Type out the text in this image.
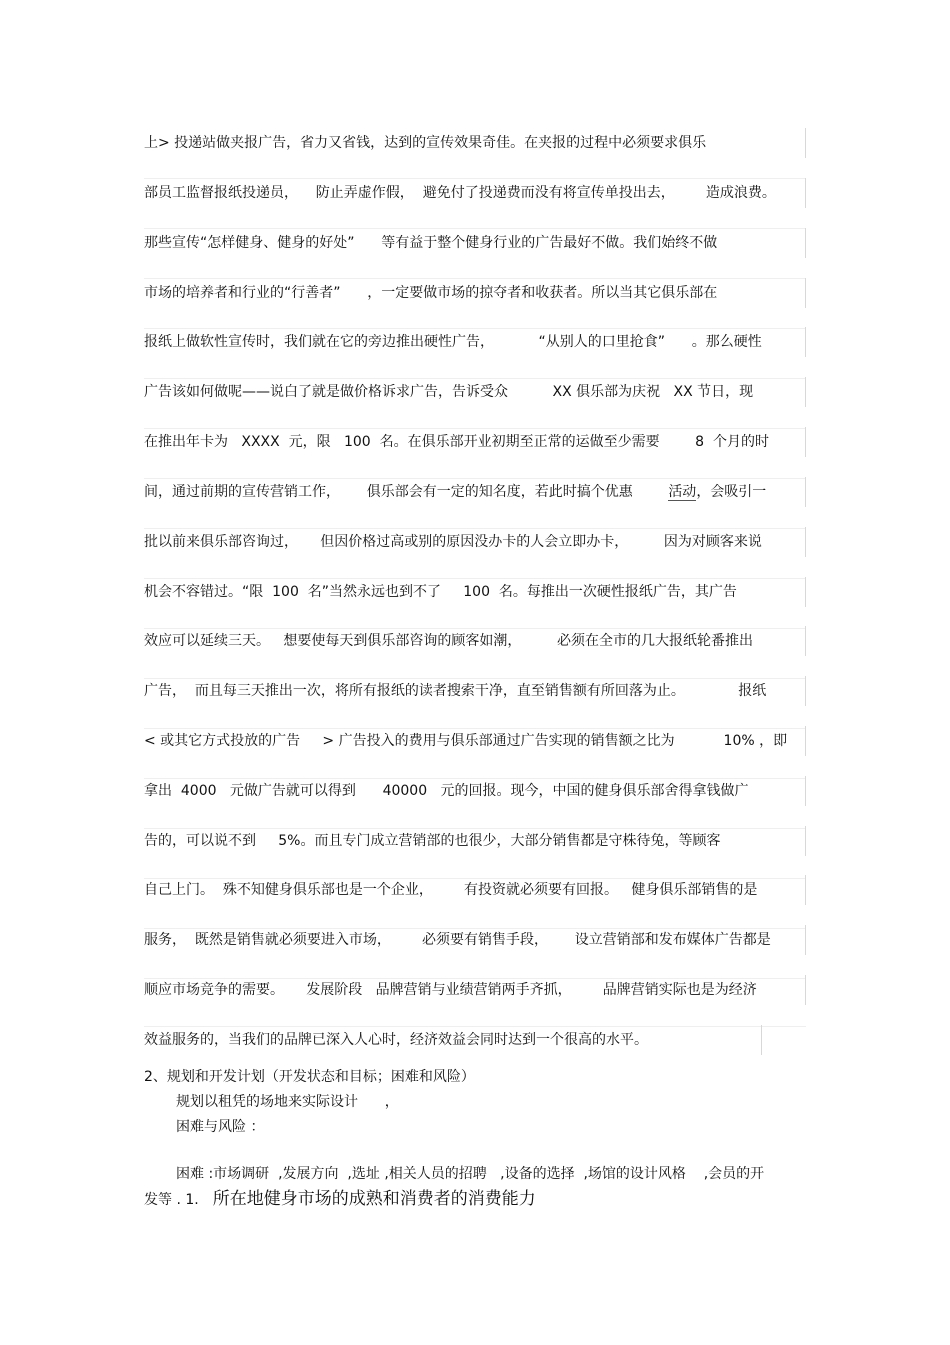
上> 投递站做夹报广告，省力又省钱，达到的宣传效果奇佳。在夹报的过程中必须要求俱乐
部员工监督报纸投递员，    防止弄虚作假，  避免付了投递费而没有将宣传单投出去，       造成浪费。
那些宣传“怎样健身、健身的好处”      等有益于整个健身行业的广告最好不做。我们始终不做
市场的培养者和行业的“行善者”      ，一定要做市场的掠夺者和收获者。所以当其它俱乐部在
报纸上做软性宣传时，我们就在它的旁边推出硬性广告，          “从别人的口里抢食”      。那么硬性
广告该如何做呢——说白了就是做价格诉求广告，告诉受众          XX 俱乐部为庆祝   XX 节日，现
在推出年卡为   XXXX  元，限   100  名。在俱乐部开业初期至正常的运做至少需要        8  个月的时
间，通过前期的宣传营销工作，      俱乐部会有一定的知名度，若此时搞个优惠        活动，会吸引一
批以前来俱乐部咨询过，     但因价格过高或别的原因没办卡的人会立即办卡，        因为对顾客来说
机会不容错过。“限  100  名”当然永远也到不了     100  名。每推出一次硬性报纸广告，其广告
效应可以延续三天。   想要使每天到俱乐部咨询的顾客如潮，        必须在全市的几大报纸轮番推出
广告，  而且每三天推出一次，将所有报纸的读者搜索干净，直至销售额有所回落为止。            报纸
< 或其它方式投放的广告     > 广告投入的费用与俱乐部通过广告实现的销售额之比为           10% ，即
拿出  4000   元做广告就可以得到      40000   元的回报。现今，中国的健身俱乐部舍得拿钱做广
告的，可以说不到     5%。而且专门成立营销部的也很少，大部分销售都是守株待兔，等顾客
自己上门。  殊不知健身俱乐部也是一个企业，       有投资就必须要有回报。   健身俱乐部销售的是
服务，  既然是销售就必须要进入市场，       必须要有销售手段，      设立营销部和发布媒体广告都是
顺应市场竞争的需要。     发展阶段   品牌营销与业绩营销两手齐抓，       品牌营销实际也是为经济
效益服务的，当我们的品牌已深入人心时，经济效益会同时达到一个很高的水平。
2、规划和开发计划（开发状态和目标；困难和风险）
规划以租凭的场地来实际设计      ，
困难与风险 ：
困难 :市场调研  ,发展方向  ,选址 ,相关人员的招聘   ,设备的选择  ,场馆的设计风格    ,会员的开
发等 . 1. 所在地健身市场的成熟和消费者的消费能力
